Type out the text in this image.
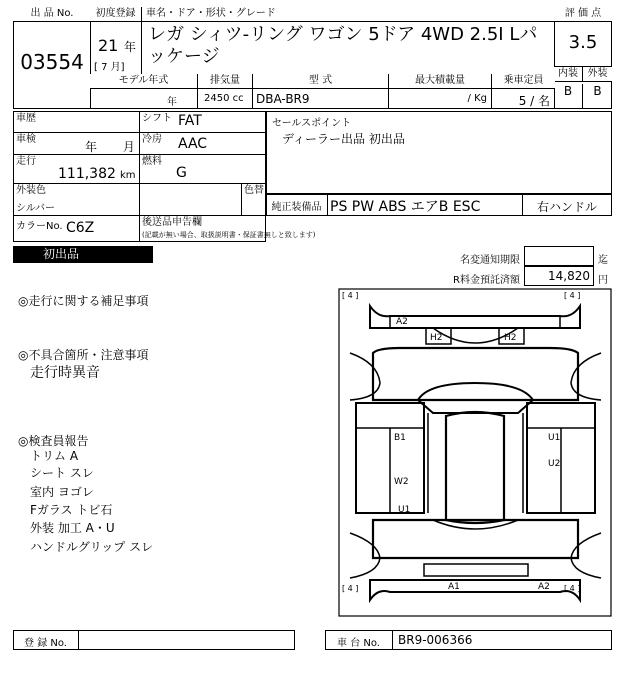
出 品 No.
03554
初度登録
21 年
[ 7 月]
車名・ドア・形状・グレード
レガ シィツ-リング ワゴン 5ドア 4WD 2.5I Lパッケージ
評 価 点
3.5
内装 外装
B	B
モデル年式
年
排気量
2450 cc
型 式
DBA-BR9
最大積載量
/ Kg
乗車定員
5 / 名
車歴
車検
年 月
走行
111,382 km
シフト FAT
冷房 AAC
燃料
G
外装色
シルバー
色替
カラーNo. C6Z	後送品申告欄
(記載が無い場合、取扱説明書・保証書無しと致します)
セールスポイント
ディーラー出品 初出品
純正装備品 PS PW ABS エアB ESC	右ハンドル
初出品	名変通知期限	迄
R料金預託済額	14,820 円
◎走行に関する補足事項
◎不具合箇所・注意事項
走行時異音
◎検査員報告
トリム A
シート スレ
室内 ヨゴレ
Fガラス トビ石
外装 加工 A・U
ハンドルグリップ スレ
[ 4 ]	[ 4 ]
[ 4 ]	[ 4 ]
A2
H2	H2
B1	U1
U2
W2
U1
A1	A2
登 録 No.	車 台 No.	BR9-006366
